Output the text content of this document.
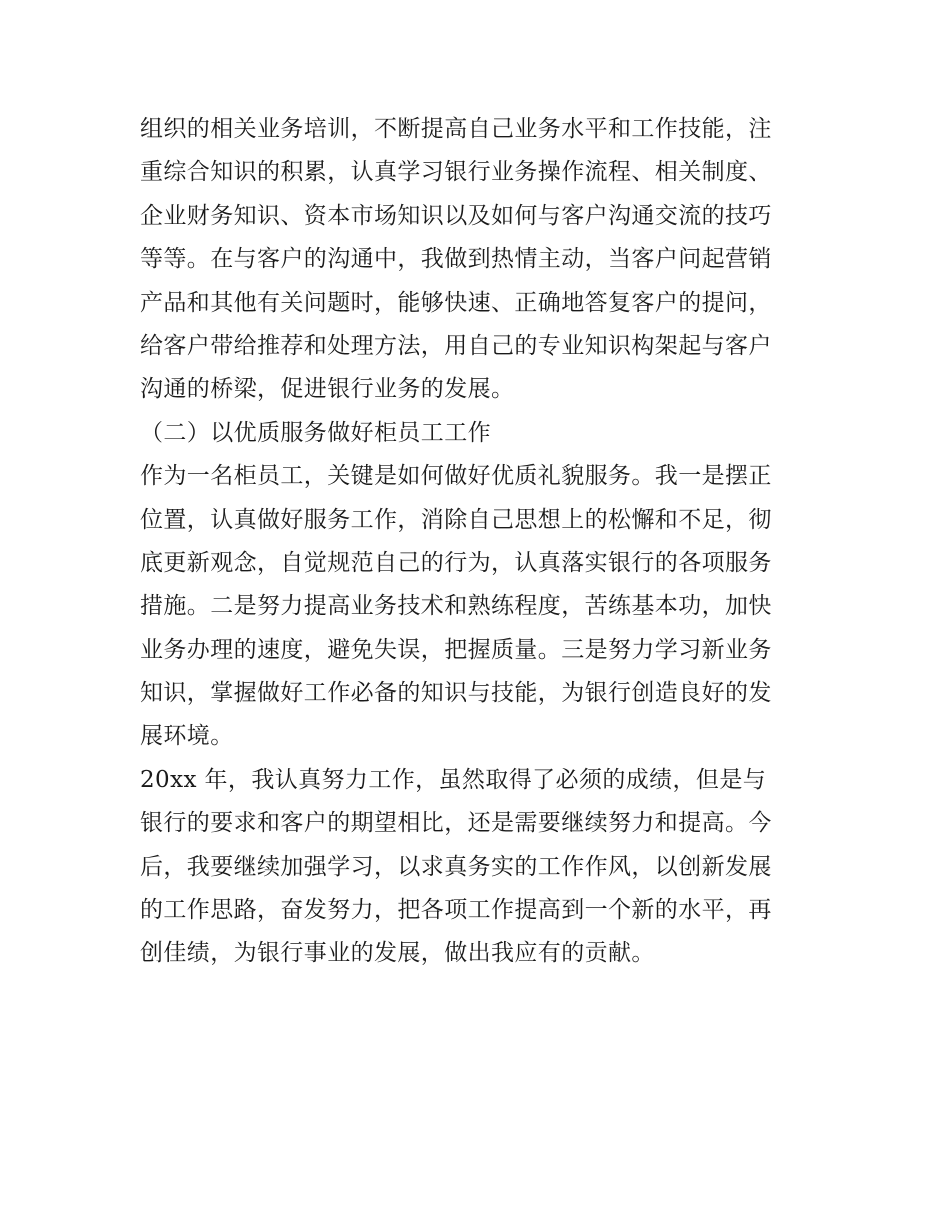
组织的相关业务培训，不断提高自己业务水平和工作技能，注
重综合知识的积累，认真学习银行业务操作流程、相关制度、
企业财务知识、资本市场知识以及如何与客户沟通交流的技巧
等等。在与客户的沟通中，我做到热情主动，当客户问起营销
产品和其他有关问题时，能够快速、正确地答复客户的提问，
给客户带给推荐和处理方法，用自己的专业知识构架起与客户
沟通的桥梁，促进银行业务的发展。
（二）以优质服务做好柜员工工作
作为一名柜员工，关键是如何做好优质礼貌服务。我一是摆正
位置，认真做好服务工作，消除自己思想上的松懈和不足，彻
底更新观念，自觉规范自己的行为，认真落实银行的各项服务
措施。二是努力提高业务技术和熟练程度，苦练基本功，加快
业务办理的速度，避免失误，把握质量。三是努力学习新业务
知识，掌握做好工作必备的知识与技能，为银行创造良好的发
展环境。
20xx 年，我认真努力工作，虽然取得了必须的成绩，但是与
银行的要求和客户的期望相比，还是需要继续努力和提高。今
后，我要继续加强学习，以求真务实的工作作风，以创新发展
的工作思路，奋发努力，把各项工作提高到一个新的水平，再
创佳绩，为银行事业的发展，做出我应有的贡献。
